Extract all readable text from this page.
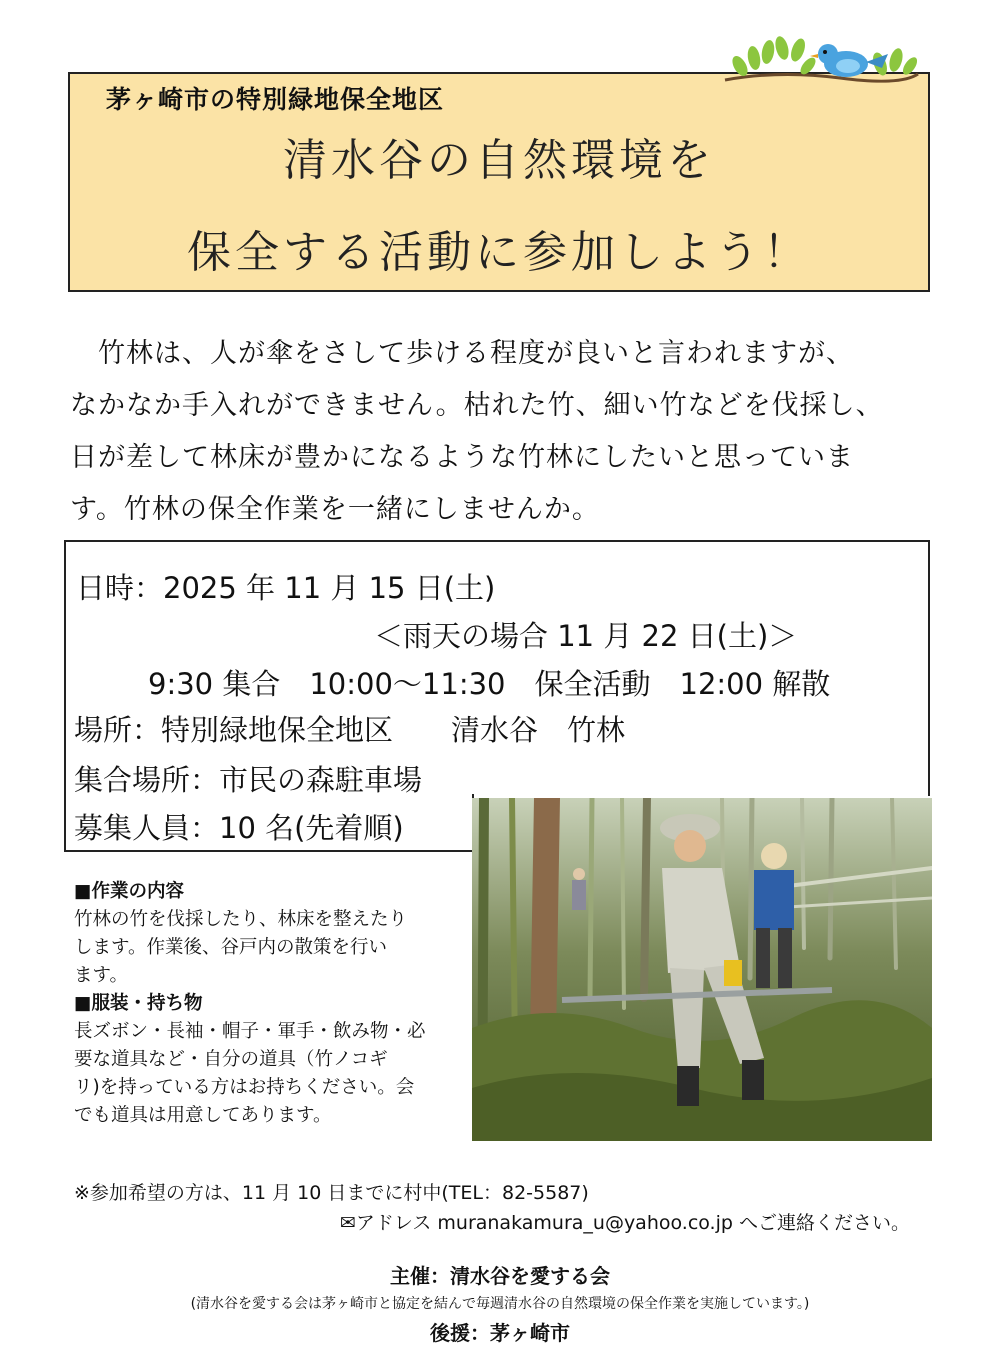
茅ヶ崎市の特別緑地保全地区
清水谷の自然環境を
保全する活動に参加しよう！
　竹林は、人が傘をさして歩ける程度が良いと言われますが、
なかなか手入れができません。枯れた竹、細い竹などを伐採し、
日が差して林床が豊かになるような竹林にしたいと思っていま
す。竹林の保全作業を一緒にしませんか。
日時：2025 年 11 月 15 日(土)
＜雨天の場合 11 月 22 日(土)＞
9:30 集合　10:00～11:30　保全活動　12:00 解散
場所：特別緑地保全地区　　清水谷　竹林
集合場所：市民の森駐車場
募集人員：10 名(先着順)
■作業の内容
竹林の竹を伐採したり、林床を整えたり
します。作業後、谷戸内の散策を行い
ます。
■服装・持ち物
長ズボン・長袖・帽子・軍手・飲み物・必
要な道具など・自分の道具（竹ノコギ
リ)を持っている方はお持ちください。会
でも道具は用意してあります。
※参加希望の方は、11 月 10 日までに村中(TEL：82-5587)
✉アドレス muranakamura_u@yahoo.co.jp へご連絡ください。
主催：清水谷を愛する会
(清水谷を愛する会は茅ヶ崎市と協定を結んで毎週清水谷の自然環境の保全作業を実施しています。)
後援：茅ヶ崎市
